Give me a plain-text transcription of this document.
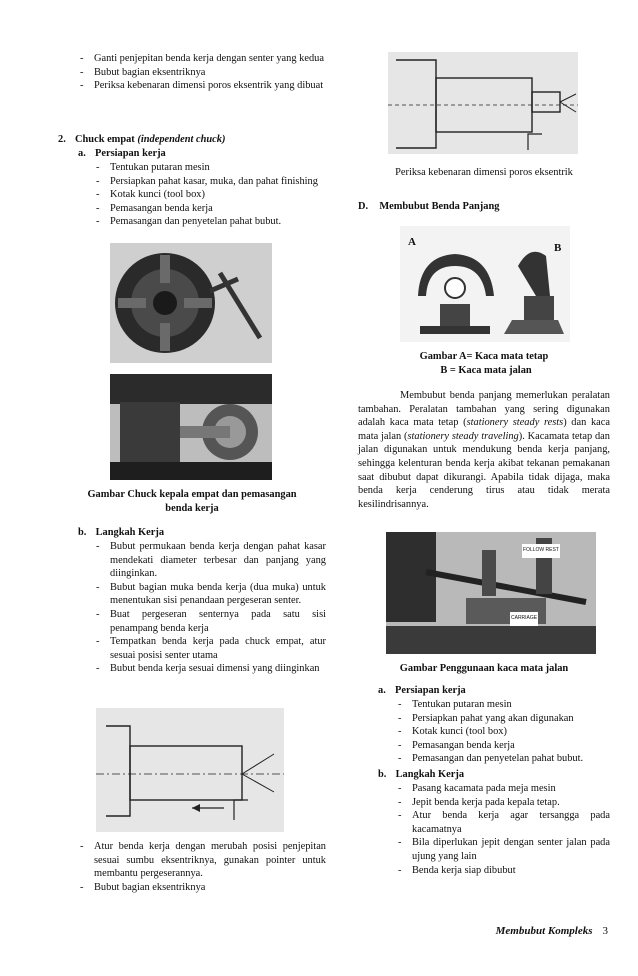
- Ganti penjepitan benda kerja dengan senter yang kedua
- Bubut bagian eksentriknya
- Periksa kebenaran dimensi poros eksentrik yang dibuat
2. Chuck empat (independent chuck)
a. Persiapan kerja
- Tentukan putaran mesin
- Persiapkan pahat kasar, muka, dan pahat finishing
- Kotak kunci (tool box)
- Pemasangan benda kerja
- Pemasangan dan penyetelan pahat bubut.
Gambar Chuck kepala empat dan pemasangan
benda kerja
b. Langkah Kerja
- Bubut permukaan benda kerja dengan pahat kasar mendekati diameter terbesar dan panjang yang diinginkan.
- Bubut bagian muka benda kerja (dua muka) untuk menentukan sisi penandaan pergeseran senter.
- Buat pergeseran senternya pada satu sisi penampang benda kerja
- Tempatkan benda kerja pada chuck empat, atur sesuai posisi senter utama
- Bubut benda kerja sesuai dimensi yang diinginkan
- Atur benda kerja dengan merubah posisi penjepitan sesuai sumbu eksentriknya, gunakan pointer untuk membantu pergeserannya.
- Bubut bagian eksentriknya
Periksa kebenaran dimensi poros eksentrik
D. Membubut Benda Panjang
A	B
Gambar A= Kaca mata tetap
B = Kaca mata jalan

Membubut benda panjang memerlukan peralatan tambahan. Peralatan tambahan yang sering digunakan adalah kaca mata tetap (stationery steady rests) dan kaca mata jalan (stationery steady traveling). Kacamata tetap dan jalan digunakan untuk mendukung benda kerja panjang, sehingga kelenturan benda kerja akibat tekanan pemakanan saat dibubut dapat dikurangi. Apabila tidak dijaga, maka benda kerja cenderung tirus atau tidak merata kesilindrisannya.

FOLLOW REST
CARRIAGE
Gambar Penggunaan kaca mata jalan
a. Persiapan kerja
- Tentukan putaran mesin
- Persiapkan pahat yang akan digunakan
- Kotak kunci (tool box)
- Pemasangan benda kerja
- Pemasangan dan penyetelan pahat bubut.
b. Langkah Kerja
- Pasang kacamata pada meja mesin
- Jepit benda kerja pada kepala tetap.
- Atur benda kerja agar tersangga pada kacamatnya
- Bila diperlukan jepit dengan senter jalan pada ujung yang lain
- Benda kerja siap dibubut
Membubut Kompleks 3
